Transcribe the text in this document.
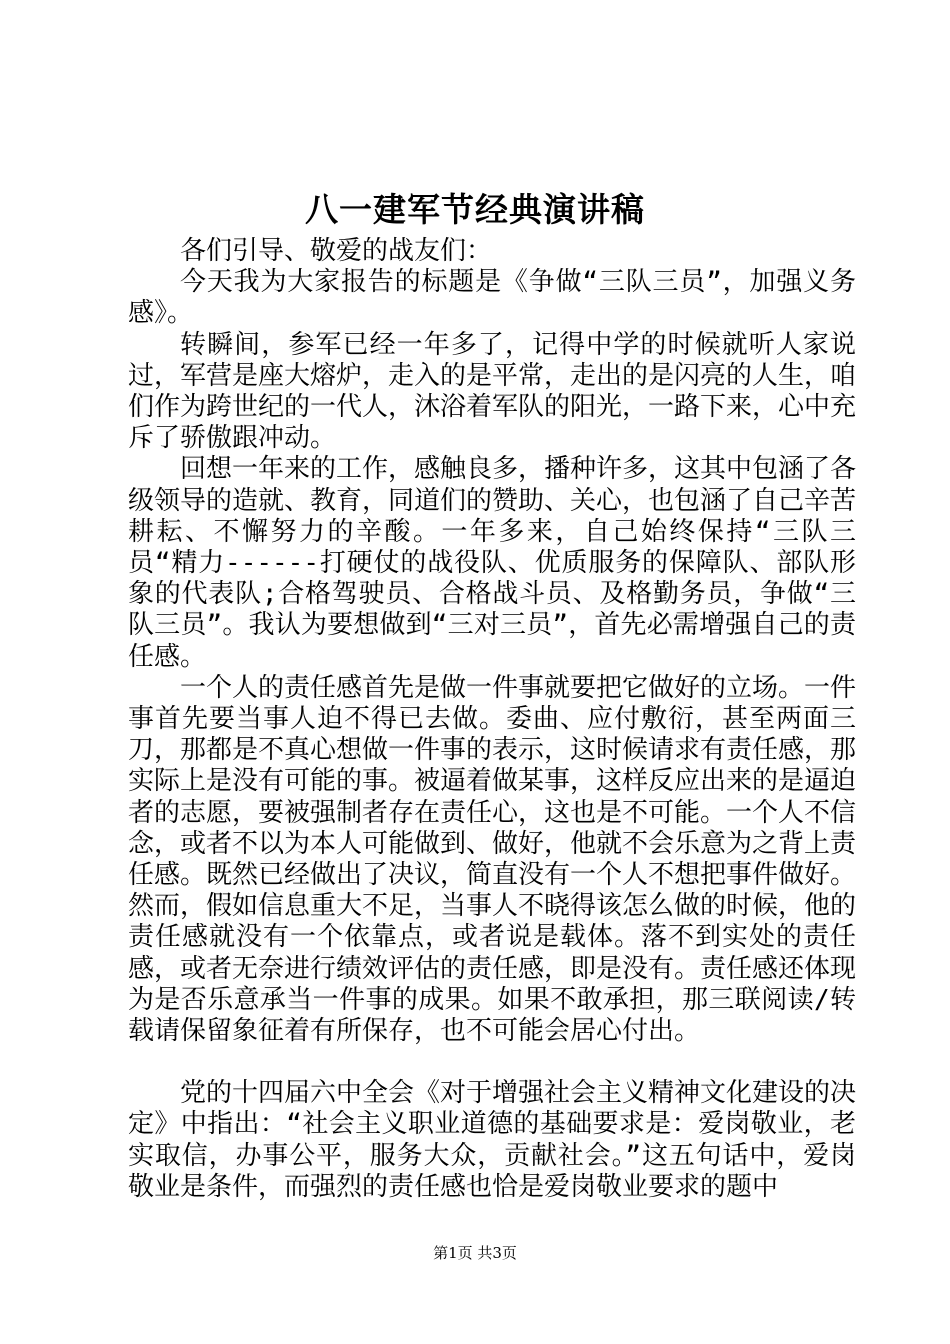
八一建军节经典演讲稿

各们引导、敬爱的战友们：

今天我为大家报告的标题是《争做“三队三员”，加强义务感》。

转瞬间，参军已经一年多了，记得中学的时候就听人家说过，军营是座大熔炉，走入的是平常，走出的是闪亮的人生，咱们作为跨世纪的一代人，沐浴着军队的阳光，一路下来，心中充斥了骄傲跟冲动。

回想一年来的工作，感触良多，播种许多，这其中包涵了各级领导的造就、教育，同道们的赞助、关心，也包涵了自己辛苦耕耘、不懈努力的辛酸。一年多来，自己始终保持“三队三员“精力------打硬仗的战役队、优质服务的保障队、部队形象的代表队;合格驾驶员、合格战斗员、及格勤务员，争做“三队三员”。我认为要想做到“三对三员”，首先必需增强自己的责任感。

一个人的责任感首先是做一件事就要把它做好的立场。一件事首先要当事人迫不得已去做。委曲、应付敷衍，甚至两面三刀，那都是不真心想做一件事的表示，这时候请求有责任感，那实际上是没有可能的事。被逼着做某事，这样反应出来的是逼迫者的志愿，要被强制者存在责任心，这也是不可能。一个人不信念，或者不以为本人可能做到、做好，他就不会乐意为之背上责任感。既然已经做出了决议，简直没有一个人不想把事件做好。然而，假如信息重大不足，当事人不晓得该怎么做的时候，他的责任感就没有一个依靠点，或者说是载体。落不到实处的责任感，或者无奈进行绩效评估的责任感，即是没有。责任感还体现为是否乐意承当一件事的成果。如果不敢承担，那三联阅读/转载请保留象征着有所保存，也不可能会居心付出。

党的十四届六中全会《对于增强社会主义精神文化建设的决定》中指出：“社会主义职业道德的基础要求是：爱岗敬业，老实取信，办事公平，服务大众，贡献社会。”这五句话中，爱岗敬业是条件，而强烈的责任感也恰是爱岗敬业要求的题中

第1页 共3页
